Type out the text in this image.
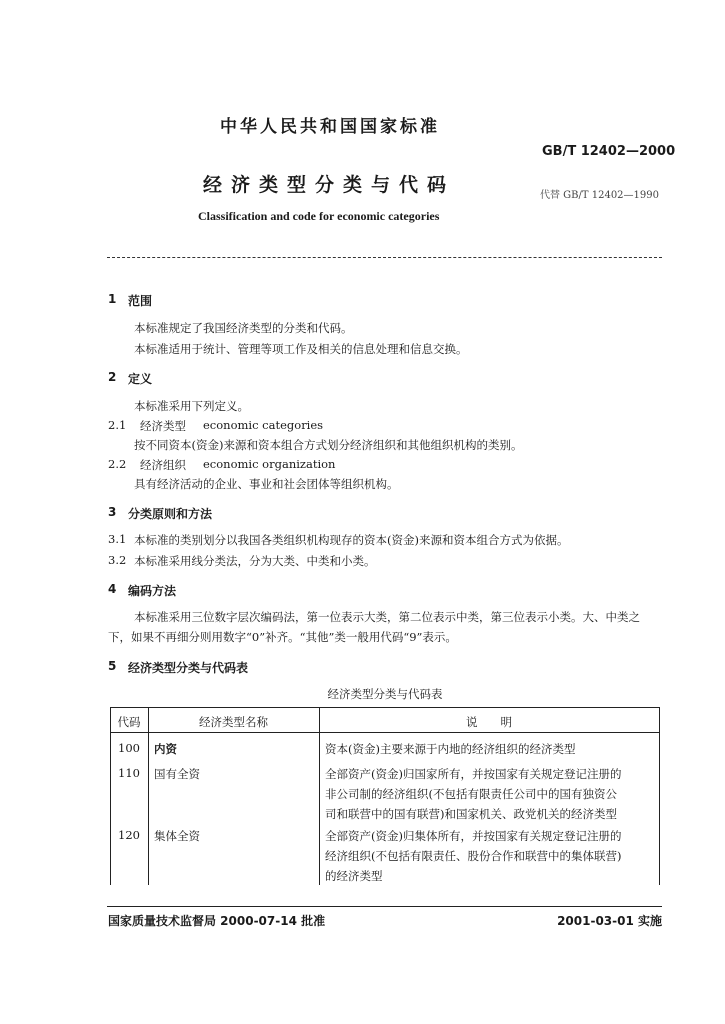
中华人民共和国国家标准
GB/T 12402—2000
经济类型分类与代码	代替 GB/T 12402—1990
Classification and code for economic categories
1 范围
本标准规定了我国经济类型的分类和代码。
本标准适用于统计、管理等项工作及相关的信息处理和信息交换。
2 定义
本标准采用下列定义。
2.1 经济类型 economic categories
按不同资本(资金)来源和资本组合方式划分经济组织和其他组织机构的类别。
2.2 经济组织 economic organization
具有经济活动的企业、事业和社会团体等组织机构。
3 分类原则和方法
3.1 本标准的类别划分以我国各类组织机构现存的资本(资金)来源和资本组合方式为依据。
3.2 本标准采用线分类法，分为大类、中类和小类。
4 编码方法
本标准采用三位数字层次编码法，第一位表示大类，第二位表示中类，第三位表示小类。大、中类之
下，如果不再细分则用数字“0”补齐。“其他”类一般用代码“9”表示。
5 经济类型分类与代码表
经济类型分类与代码表
代码	经济类型名称	说　　明
100	内资	资本(资金)主要来源于内地的经济组织的经济类型
110	国有全资	全部资产(资金)归国家所有，并按国家有关规定登记注册的
非公司制的经济组织(不包括有限责任公司中的国有独资公
司和联营中的国有联营)和国家机关、政党机关的经济类型
120	集体全资	全部资产(资金)归集体所有，并按国家有关规定登记注册的
经济组织(不包括有限责任、股份合作和联营中的集体联营)
的经济类型
国家质量技术监督局 2000-07-14 批准	2001-03-01 实施
